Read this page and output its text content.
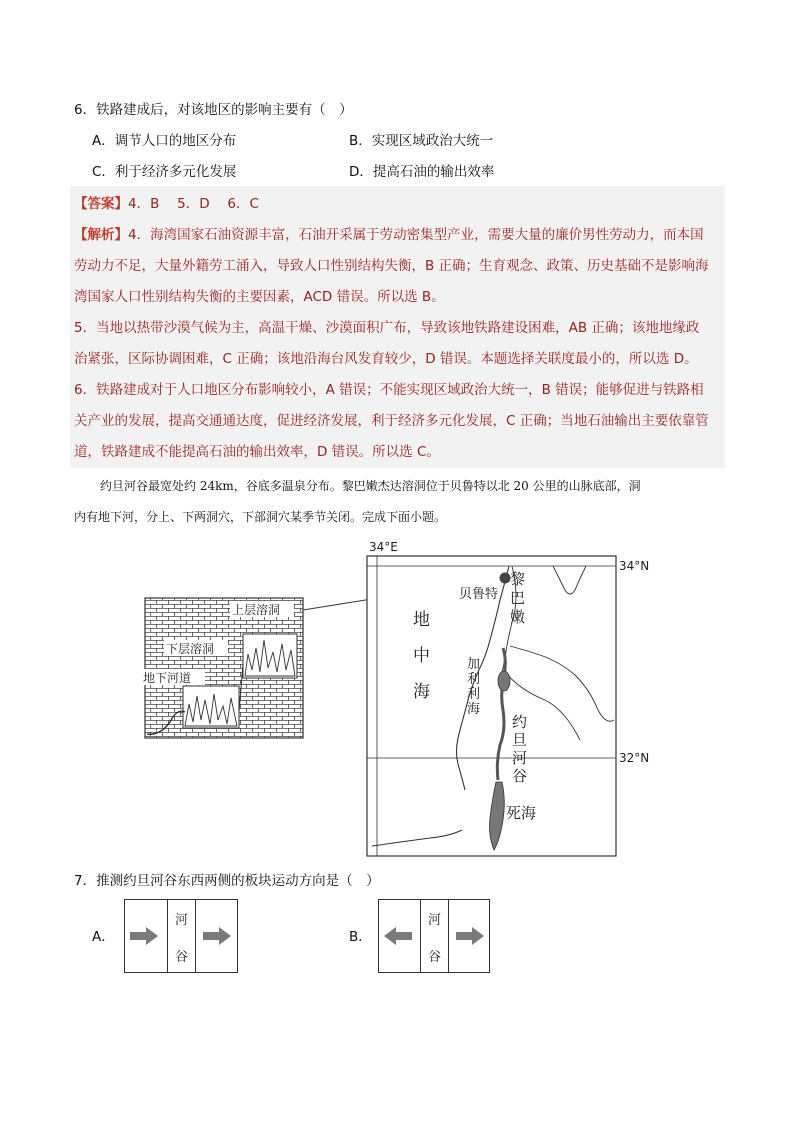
6．铁路建成后，对该地区的影响主要有（　）
A．调节人口的地区分布	B．实现区域政治大统一
C．利于经济多元化发展	D．提高石油的输出效率
【答案】4．B　 5．D　 6．C
【解析】4．海湾国家石油资源丰富，石油开采属于劳动密集型产业，需要大量的廉价男性劳动力，而本国
劳动力不足，大量外籍劳工涌入，导致人口性别结构失衡，B 正确；生育观念、政策、历史基础不是影响海
湾国家人口性别结构失衡的主要因素，ACD 错误。所以选 B。
5．当地以热带沙漠气候为主，高温干燥、沙漠面积广布，导致该地铁路建设困难，AB 正确；该地地缘政
治紧张，区际协调困难，C 正确；该地沿海台风发育较少，D 错误。本题选择关联度最小的，所以选 D。
6．铁路建成对于人口地区分布影响较小，A 错误；不能实现区域政治大统一，B 错误；能够促进与铁路相
关产业的发展，提高交通通达度，促进经济发展，利于经济多元化发展，C 正确；当地石油输出主要依靠管
道，铁路建成不能提高石油的输出效率，D 错误。所以选 C。
约旦河谷最宽处约 24km，谷底多温泉分布。黎巴嫩杰达溶洞位于贝鲁特以北 20 公里的山脉底部，洞
内有地下河，分上、下两洞穴，下部洞穴某季节关闭。完成下面小题。
上层溶洞
下层溶洞
地下河道
34°E
34°N
32°N
贝鲁特
黎
巴
嫩
地
中
海
加
利
利
海
约
旦
河
谷
死海
7．推测约旦河谷东西两侧的板块运动方向是（　）
A．
河
谷
B．
河
谷
